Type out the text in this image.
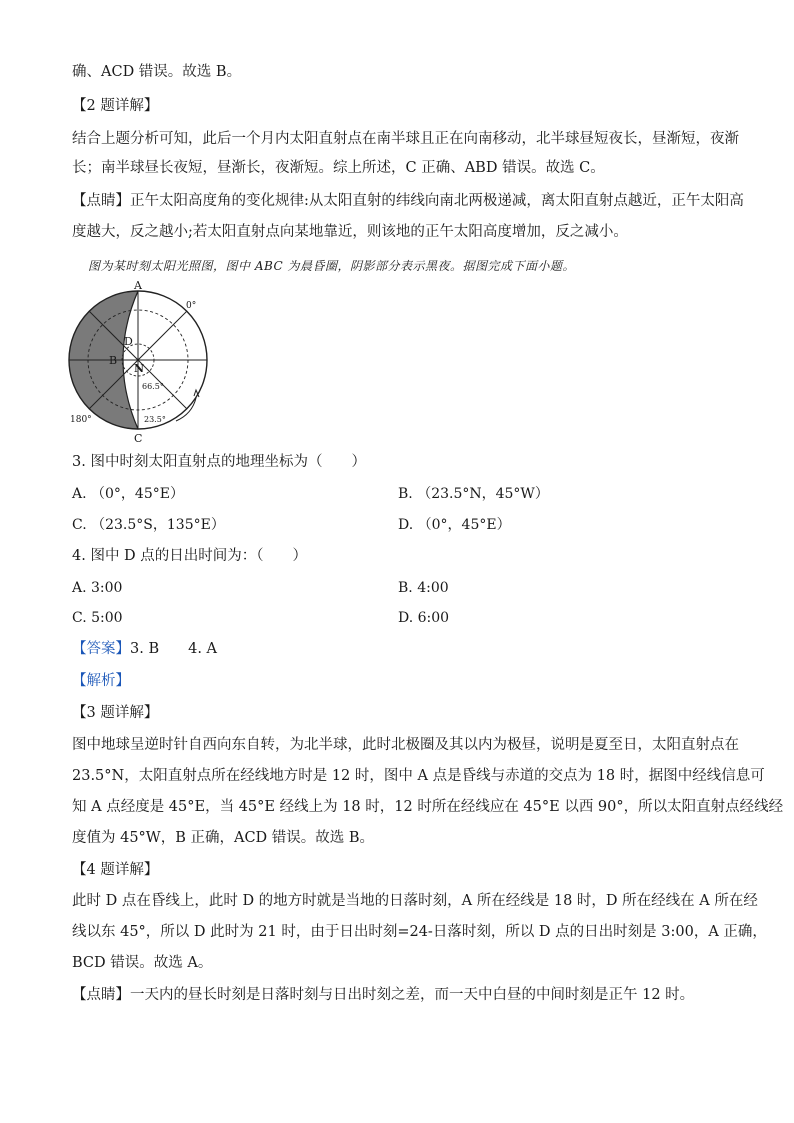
确、ACD 错误。故选 B。
【2 题详解】
结合上题分析可知，此后一个月内太阳直射点在南半球且正在向南移动，北半球昼短夜长，昼渐短，夜渐
长；南半球昼长夜短，昼渐长，夜渐短。综上所述，C 正确、ABD 错误。故选 C。
【点睛】正午太阳高度角的变化规律:从太阳直射的纬线向南北两极递减，离太阳直射点越近，正午太阳高
度越大，反之越小;若太阳直射点向某地靠近，则该地的正午太阳高度增加，反之减小。
图为某时刻太阳光照图，图中 ABC 为晨昏圈，阴影部分表示黑夜。据图完成下面小题。
A
C
B
D
N
0°
180°
66.5°
23.5°
3. 图中时刻太阳直射点的地理坐标为（　　）
A. （0°，45°E）	B. （23.5°N，45°W）
C. （23.5°S，135°E）	D. （0°，45°E）
4. 图中 D 点的日出时间为：（　　）
A. 3:00	B. 4:00
C. 5:00	D. 6:00
【答案】3. B　　4. A
【解析】
【3 题详解】
图中地球呈逆时针自西向东自转，为北半球，此时北极圈及其以内为极昼，说明是夏至日，太阳直射点在
23.5°N，太阳直射点所在经线地方时是 12 时，图中 A 点是昏线与赤道的交点为 18 时，据图中经线信息可
知 A 点经度是 45°E，当 45°E 经线上为 18 时，12 时所在经线应在 45°E 以西 90°，所以太阳直射点经线经
度值为 45°W，B 正确，ACD 错误。故选 B。
【4 题详解】
此时 D 点在昏线上，此时 D 的地方时就是当地的日落时刻，A 所在经线是 18 时，D 所在经线在 A 所在经
线以东 45°，所以 D 此时为 21 时，由于日出时刻=24-日落时刻，所以 D 点的日出时刻是 3:00，A 正确，
BCD 错误。故选 A。
【点睛】一天内的昼长时刻是日落时刻与日出时刻之差，而一天中白昼的中间时刻是正午 12 时。
